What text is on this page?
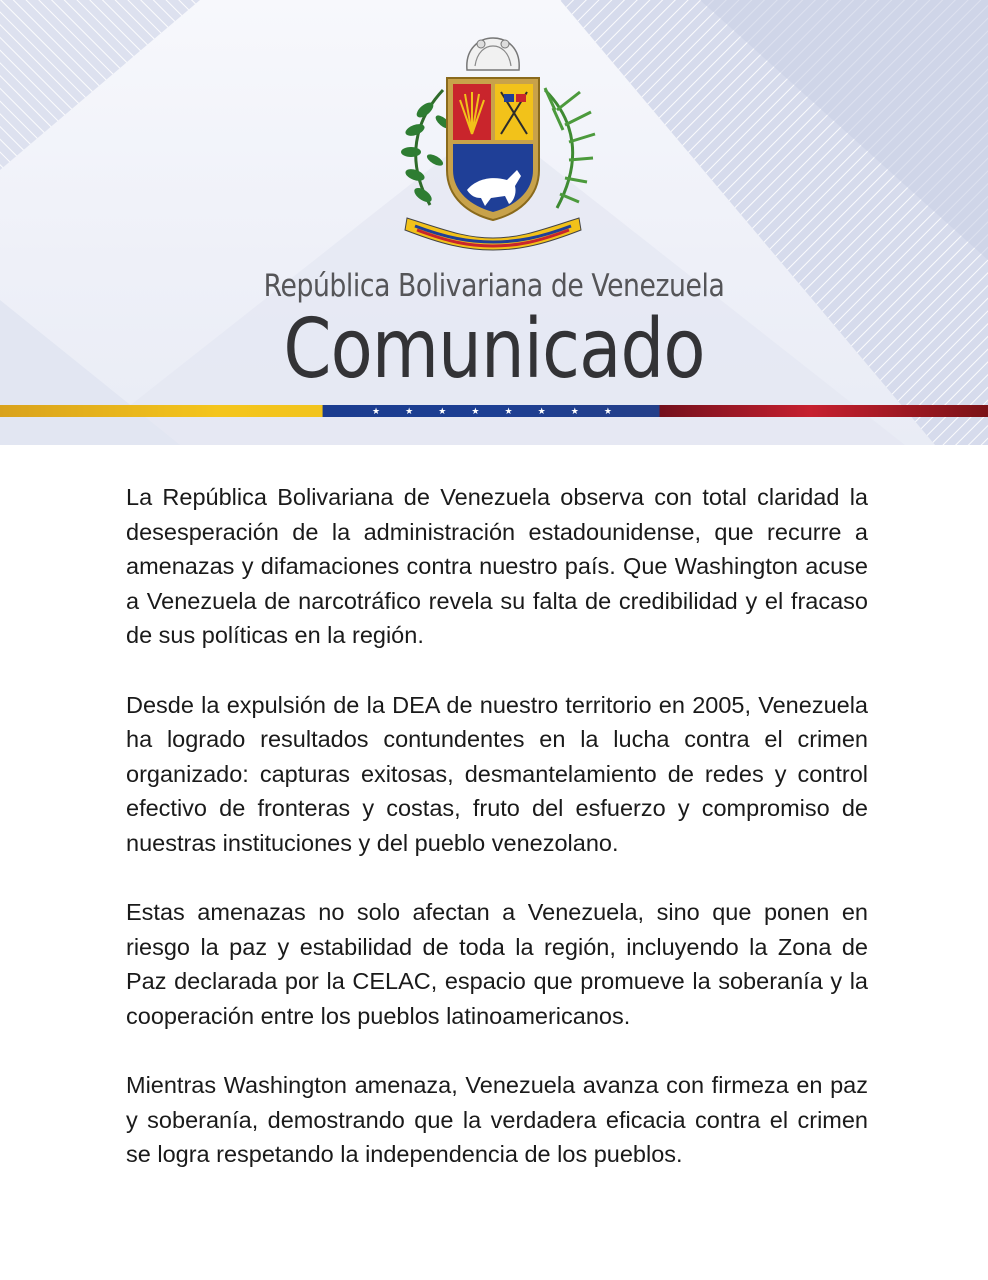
República Bolivariana de Venezuela
Comunicado
★	★	★	★	★	★	★	★

La República Bolivariana de Venezuela observa con total claridad la desesperación de la administración estadounidense, que recurre a amenazas y difamaciones contra nuestro país. Que Washington acuse a Venezuela de narcotráfico revela su falta de credibilidad y el fracaso de sus políticas en la región.

Desde la expulsión de la DEA de nuestro territorio en 2005, Venezuela ha logrado resultados contundentes en la lucha contra el crimen organizado: capturas exitosas, desmantelamiento de redes y control efectivo de fronteras y costas, fruto del esfuerzo y compromiso de nuestras instituciones y del pueblo venezolano.

Estas amenazas no solo afectan a Venezuela, sino que ponen en riesgo la paz y estabilidad de toda la región, incluyendo la Zona de Paz declarada por la CELAC, espacio que promueve la soberanía y la cooperación entre los pueblos latinoamericanos.

Mientras Washington amenaza, Venezuela avanza con firmeza en paz y soberanía, demostrando que la verdadera eficacia contra el crimen se logra respetando la independencia de los pueblos.
